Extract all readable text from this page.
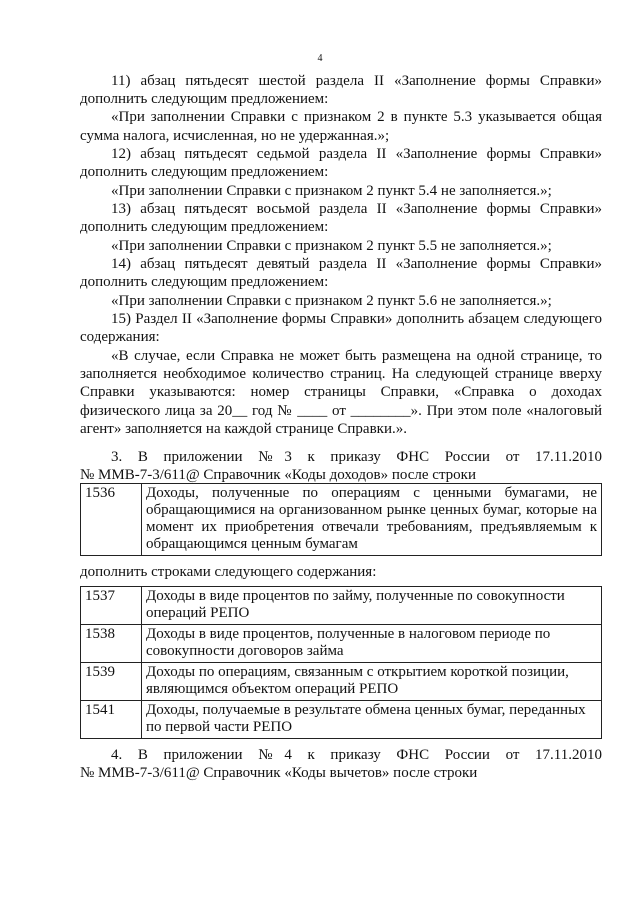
4
11) абзац пятьдесят шестой раздела II «Заполнение формы Справки»
дополнить следующим предложением:
«При заполнении Справки с признаком 2 в пункте 5.3 указывается общая
сумма налога, исчисленная, но не удержанная.»;
12) абзац пятьдесят седьмой раздела II «Заполнение формы Справки»
дополнить следующим предложением:
«При заполнении Справки с признаком 2 пункт 5.4 не заполняется.»;
13) абзац пятьдесят восьмой раздела II «Заполнение формы Справки»
дополнить следующим предложением:
«При заполнении Справки с признаком 2 пункт 5.5 не заполняется.»;
14) абзац пятьдесят девятый раздела II «Заполнение формы Справки»
дополнить следующим предложением:
«При заполнении Справки с признаком 2 пункт 5.6 не заполняется.»;
15) Раздел II «Заполнение формы Справки» дополнить абзацем следующего
содержания:
«В случае, если Справка не может быть размещена на одной странице, то
заполняется необходимое количество страниц. На следующей странице вверху
Справки указываются: номер страницы Справки, «Справка о доходах
физического лица за 20__ год № ____ от ________». При этом поле «налоговый
агент» заполняется на каждой странице Справки.».
3. В приложении №3 к приказу ФНС России от 17.11.2010
№ ММВ-7-3/611@ Справочник «Коды доходов» после строки
1536	Доходы, полученные по операциям с ценными бумагами, не обращающимися на организованном рынке ценных бумаг, которые на момент их приобретения отвечали требованиям, предъявляемым к обращающимся ценным бумагам
дополнить строками следующего содержания:
1537	Доходы в виде процентов по займу, полученные по совокупности операций РЕПО
1538	Доходы в виде процентов, полученные в налоговом периоде по совокупности договоров займа
1539	Доходы по операциям, связанным с открытием короткой позиции, являющимся объектом операций РЕПО
1541	Доходы, получаемые в результате обмена ценных бумаг, переданных по первой части РЕПО
4. В приложении №4 к приказу ФНС России от 17.11.2010
№ ММВ-7-3/611@ Справочник «Коды вычетов» после строки
